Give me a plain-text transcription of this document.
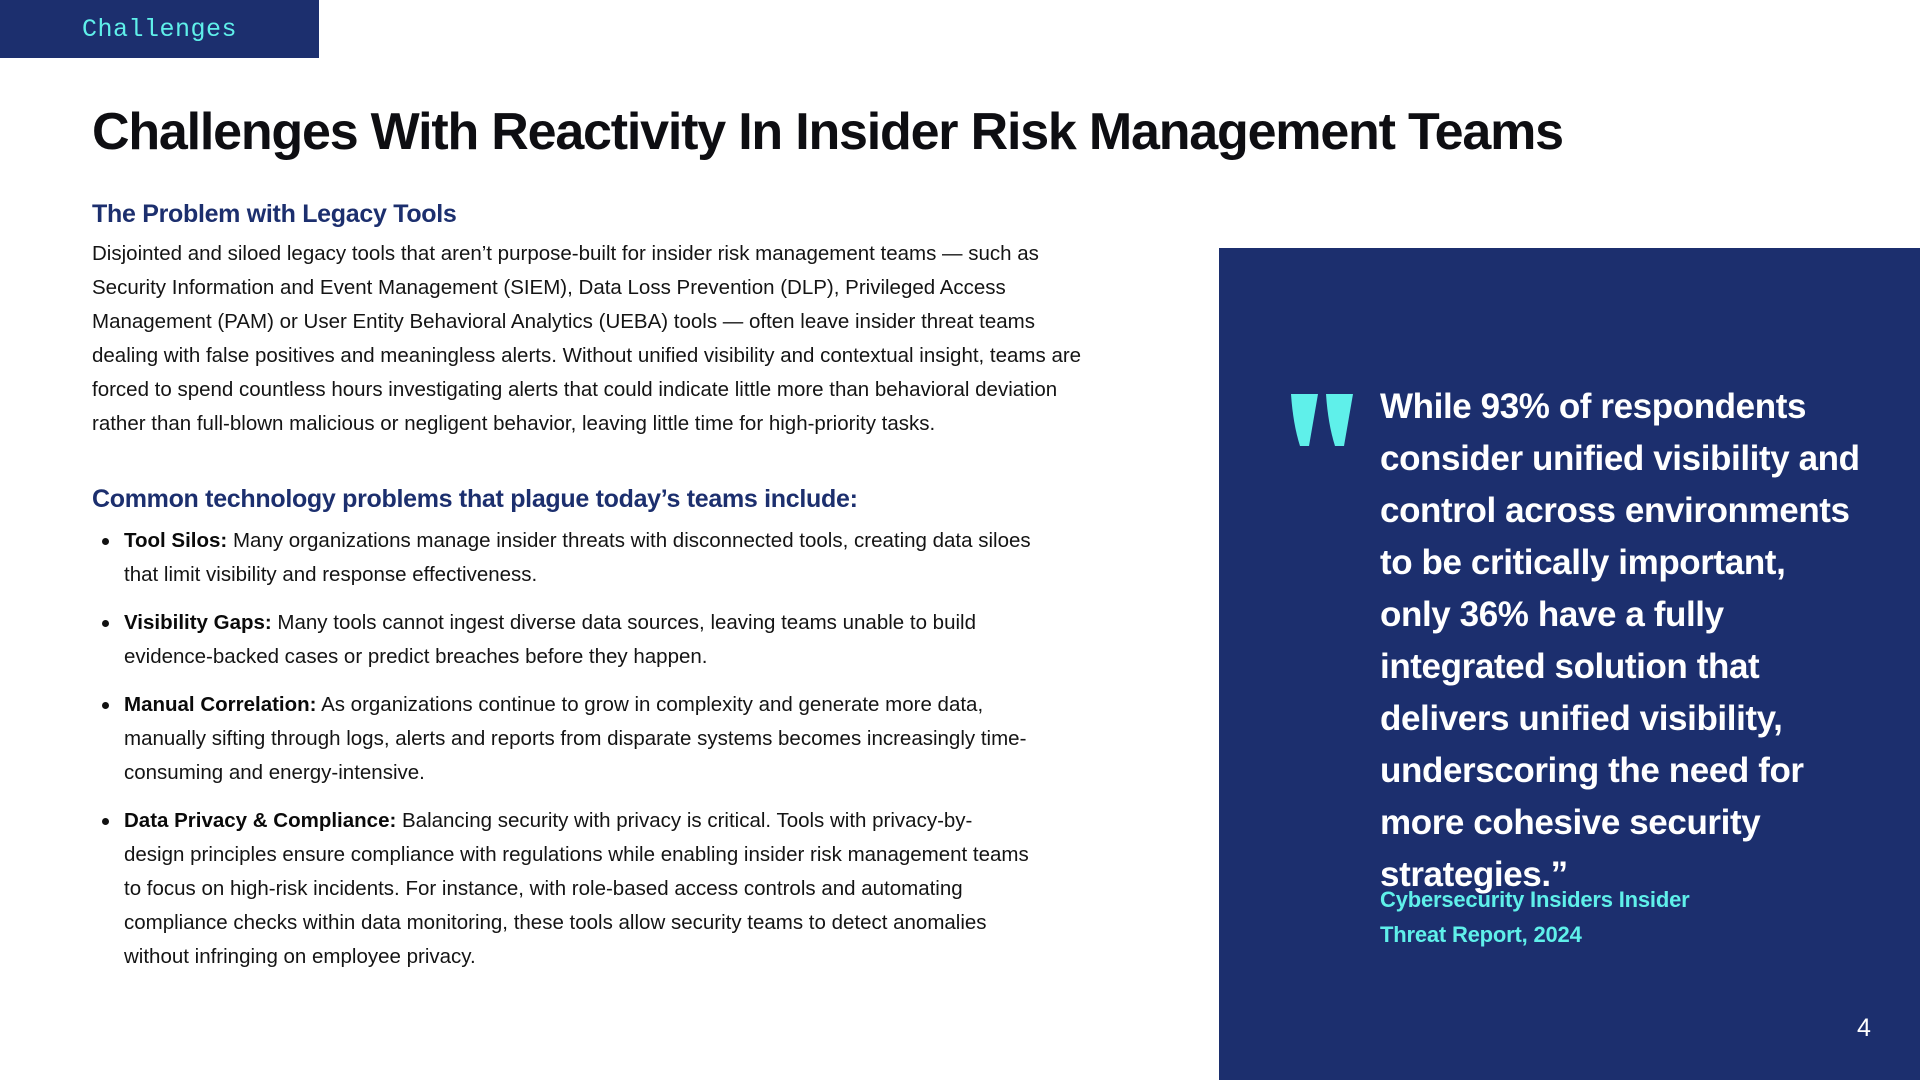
Challenges
Challenges With Reactivity In Insider Risk Management Teams
The Problem with Legacy Tools

Disjointed and siloed legacy tools that aren’t purpose-built for insider risk management teams — such as Security Information and Event Management (SIEM), Data Loss Prevention (DLP), Privileged Access Management (PAM) or User Entity Behavioral Analytics (UEBA) tools — often leave insider threat teams dealing with false positives and meaningless alerts. Without unified visibility and contextual insight, teams are forced to spend countless hours investigating alerts that could indicate little more than behavioral deviation rather than full-blown malicious or negligent behavior, leaving little time for high-priority tasks.

Common technology problems that plague today’s teams include:
Tool Silos: Many organizations manage insider threats with disconnected tools, creating data siloes that limit visibility and response effectiveness.
Visibility Gaps: Many tools cannot ingest diverse data sources, leaving teams unable to build evidence-backed cases or predict breaches before they happen.
Manual Correlation: As organizations continue to grow in complexity and generate more data, manually sifting through logs, alerts and reports from disparate systems becomes increasingly time-consuming and energy-intensive.
Data Privacy & Compliance: Balancing security with privacy is critical. Tools with privacy-by-design principles ensure compliance with regulations while enabling insider risk management teams to focus on high-risk incidents. For instance, with role-based access controls and automating compliance checks within data monitoring, these tools allow security teams to detect anomalies without infringing on employee privacy.

While 93% of respondents consider unified visibility and control across environments to be critically important, only 36% have a fully integrated solution that delivers unified visibility, underscoring the need for more cohesive security strategies.”

Cybersecurity Insiders Insider
Threat Report, 2024
4
